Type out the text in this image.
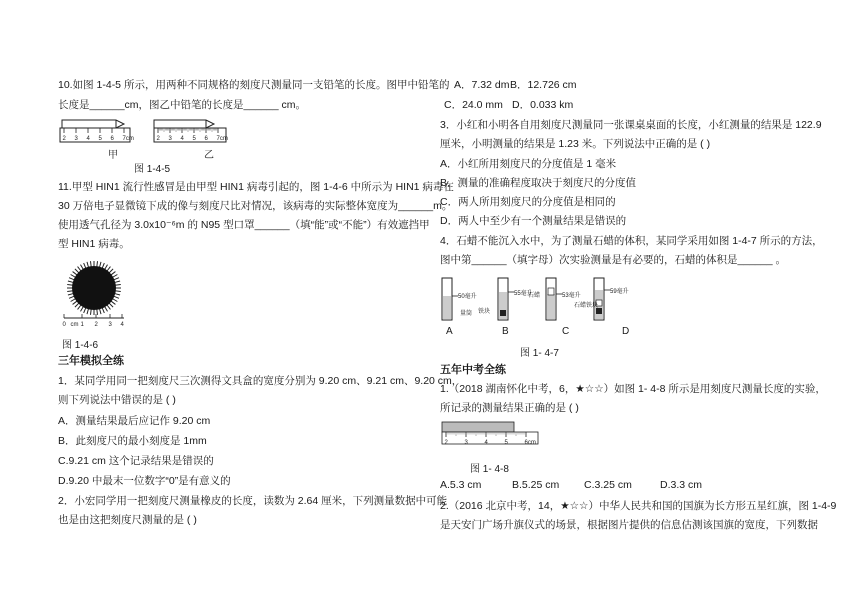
10.如图 1-4-5 所示，用两种不同规格的刻度尺测量同一支铅笔的长度。图甲中铅笔的
长度是______cm，图乙中铅笔的长度是______ cm。
2 3 4 5 6 7cm	2 3 4 5 6 7cm
甲	乙
图 1-4-5
11.甲型 HIN1 流行性感冒是由甲型 HIN1 病毒引起的，图 1-4-6 中所示为 HIN1 病毒在
30 万倍电子显微镜下成的像与刻度尺比对情况，该病毒的实际整体宽度为______m。
使用透气孔径为 3.0x10⁻⁶m 的 N95 型口罩______（填“能”或“不能”）有效遮挡甲
型 HIN1 病毒。
0 cm 1 2 3 4
图 1-4-6
三年模拟全练
1．某同学用同一把刻度尺三次测得文具盒的宽度分别为 9.20 cm、9.21 cm、9.20 cm，
则下列说法中错误的是 ( )
A．测量结果最后应记作 9.20 cm
B．此刻度尺的最小刻度是 1mm
C.9.21 cm 这个记录结果是错误的
D.9.20 中最末一位数字“0”是有意义的
2．小宏同学用一把刻度尺测量橡皮的长度，读数为 2.64 厘米，下列测量数据中可能
也是由这把刻度尺测量的是 ( )
A．7.32 dm B．12.726 cm
C．24.0 mm D．0.033 km
3．小红和小明各自用刻度尺测量同一张课桌桌面的长度，小红测量的结果是 122.9
厘米，小明测量的结果是 1.23 米。下列说法中正确的是 ( )
A．小红所用刻度尺的分度值是 1 毫米
B．测量的准确程度取决于刻度尺的分度值
C．两人所用刻度尺的分度值是相同的
D．两人中至少有一个测量结果是错误的
4．石蜡不能沉入水中，为了测量石蜡的体积，某同学采用如图 1-4-7 所示的方法，
图中第______（填字母）次实验测量是有必要的，石蜡的体积是______ 。
50毫升
量筒 铁块
55毫升
石蜡	53毫升
石蜡铁块
59毫升
A	B	C	D
图 1- 4-7
五年中考全练
1.（2018 湖南怀化中考，6，★☆☆）如图 1- 4-8 所示是用刻度尺测量长度的实验，
所记录的测量结果正确的是 ( )
2	3	4	5	6cm
图 1- 4-8
A.5.3 cm	B.5.25 cm C.3.25 cm	D.3.3 cm
2.（2016 北京中考，14，★☆☆）中华人民共和国的国旗为长方形五星红旗，图 1-4-9
是天安门广场升旗仪式的场景，根据图片提供的信息估测该国旗的宽度，下列数据
